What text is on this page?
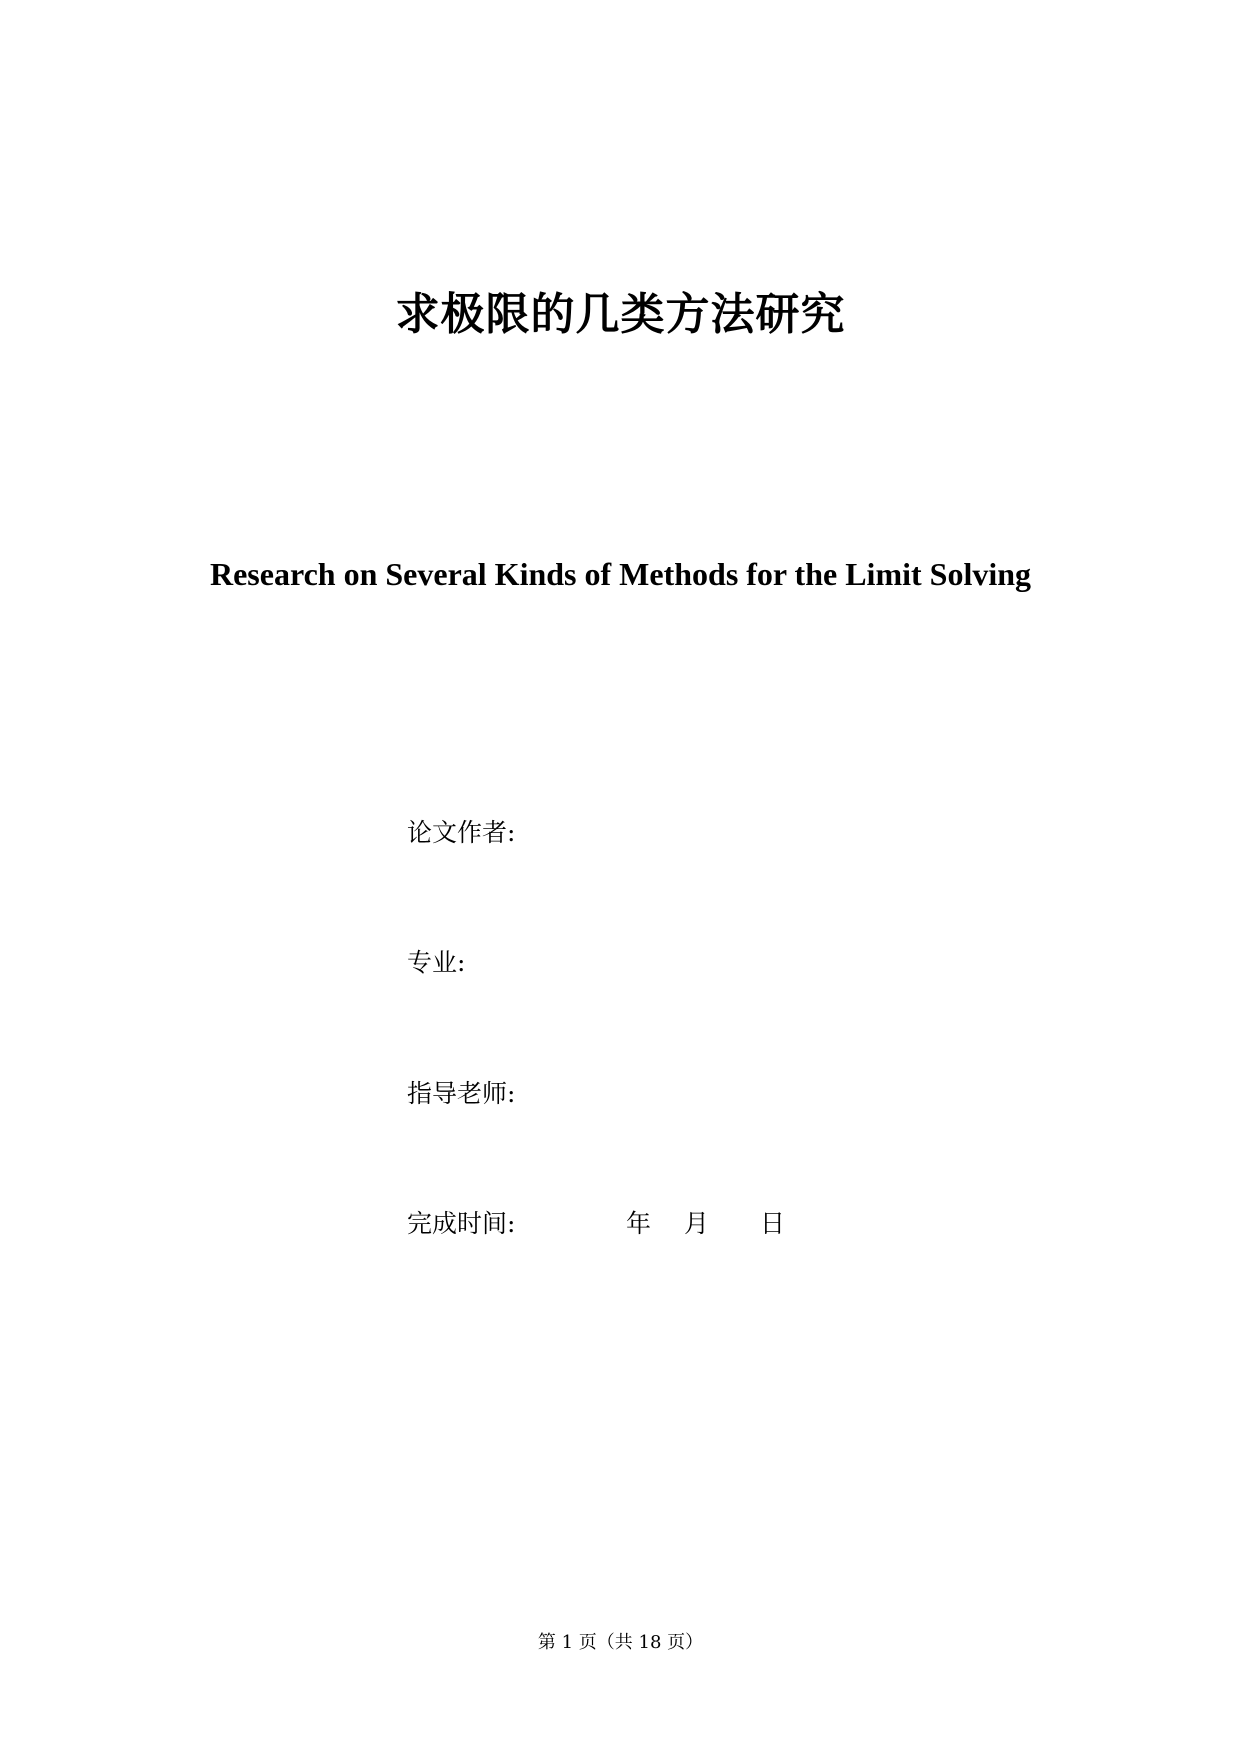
求极限的几类方法研究
Research on Several Kinds of Methods for the Limit Solving
论文作者:
专业:
指导老师:
完成时间:	年 月 日
第 1 页（共 18 页）
